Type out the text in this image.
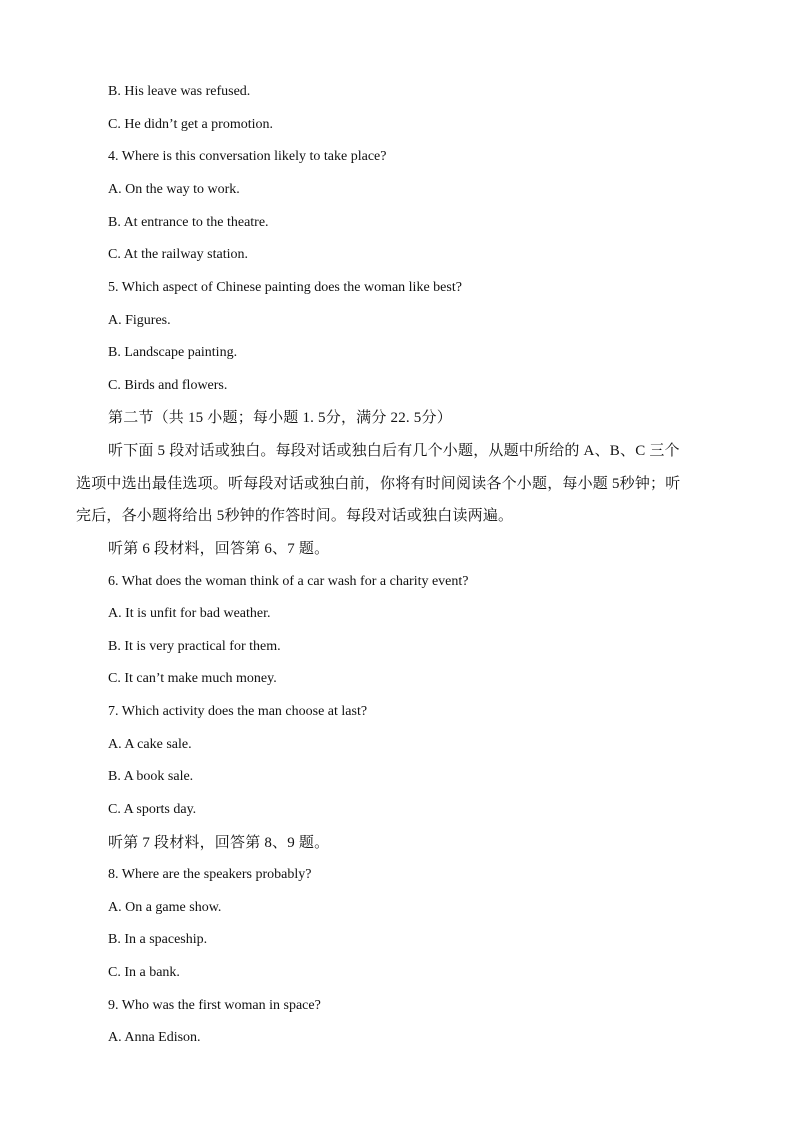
B. His leave was refused.
C. He didn’t get a promotion.
4. Where is this conversation likely to take place?
A. On the way to work.
B. At entrance to the theatre.
C. At the railway station.
5. Which aspect of Chinese painting does the woman like best?
A. Figures.
B. Landscape painting.
C. Birds and flowers.
第二节（共 15 小题；每小题 1. 5分，满分 22. 5分）
听下面 5 段对话或独白。每段对话或独白后有几个小题，从题中所给的 A、B、C 三个
选项中选出最佳选项。听每段对话或独白前，你将有时间阅读各个小题，每小题 5秒钟；听
完后，各小题将给出 5秒钟的作答时间。每段对话或独白读两遍。
听第 6 段材料，回答第 6、7 题。
6. What does the woman think of a car wash for a charity event?
A. It is unfit for bad weather.
B. It is very practical for them.
C. It can’t make much money.
7. Which activity does the man choose at last?
A. A cake sale.
B. A book sale.
C. A sports day.
听第 7 段材料，回答第 8、9 题。
8. Where are the speakers probably?
A. On a game show.
B. In a spaceship.
C. In a bank.
9. Who was the first woman in space?
A. Anna Edison.
